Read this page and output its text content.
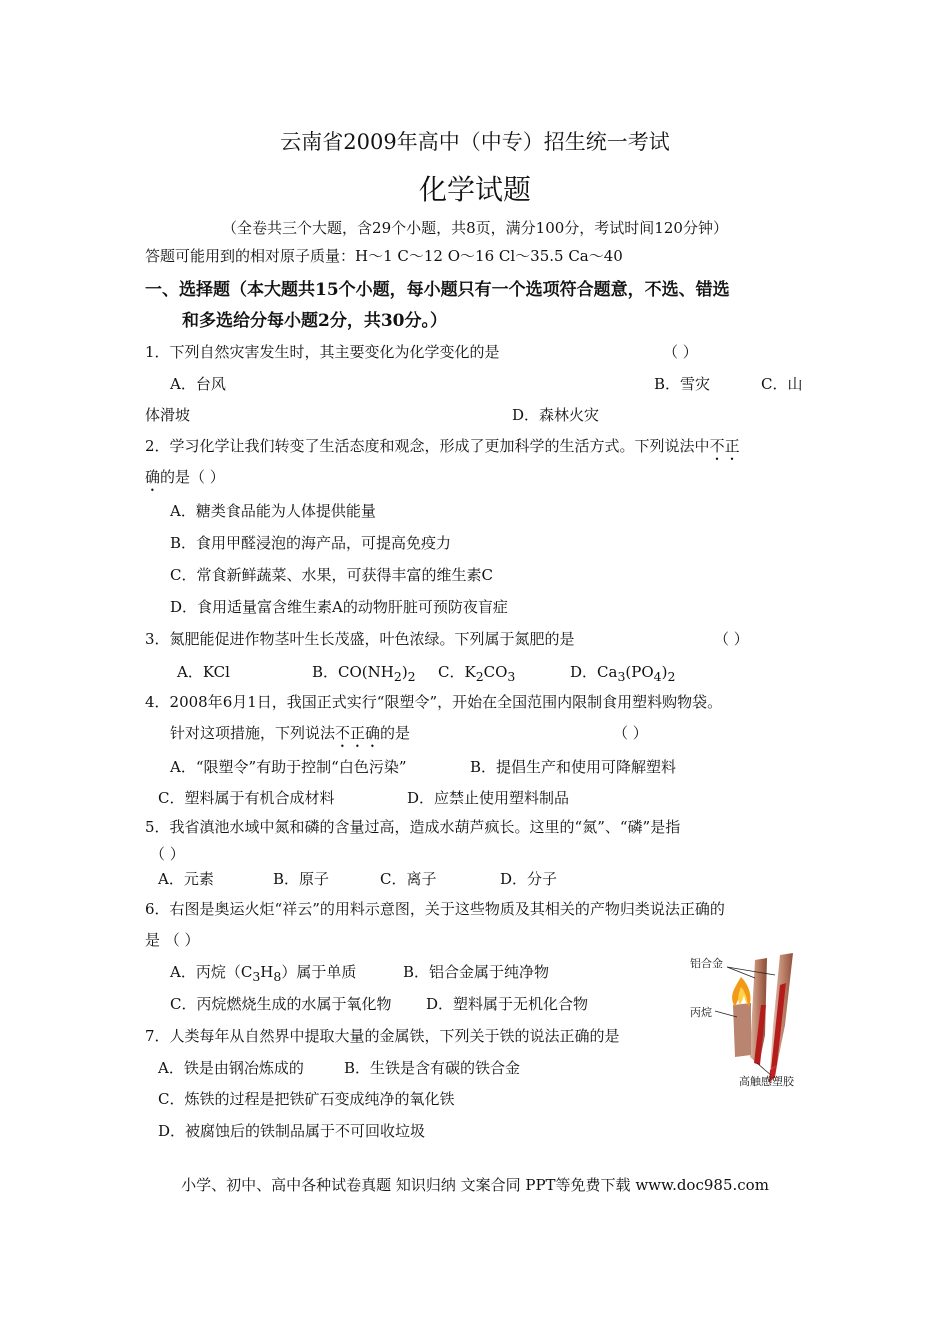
云南省2009年高中（中专）招生统一考试
化学试题
（全卷共三个大题，含29个小题，共8页，满分100分，考试时间120分钟）
答题可能用到的相对原子质量：H～1 C～12 O～16 Cl～35.5 Ca～40
一、选择题（本大题共15个小题，每小题只有一个选项符合题意，不选、错选
和多选给分每小题2分，共30分。）
1．下列自然灾害发生时，其主要变化为化学变化的是	（ ）
A．台风	B．雪灾	C．山
体滑坡	D．森林火灾
2．学习化学让我们转变了生活态度和观念，形成了更加科学的生活方式。下列说法中不正
确的是（ ）
A．糖类食品能为人体提供能量
B．食用甲醛浸泡的海产品，可提高免疫力
C．常食新鲜蔬菜、水果，可获得丰富的维生素C
D．食用适量富含维生素A的动物肝脏可预防夜盲症
3．氮肥能促进作物茎叶生长茂盛，叶色浓绿。下列属于氮肥的是	（ ）
A．KCl	B．$CO(NH_2)_2$ C．$K_2CO_3$	D．$Ca_3(PO_4)_2$
4．2008年6月1日，我国正式实行“限塑令”，开始在全国范围内限制食用塑料购物袋。
针对这项措施，下列说法不正确的是	（ ）
A．“限塑令”有助于控制“白色污染”	B．提倡生产和使用可降解塑料
C．塑料属于有机合成材料	D．应禁止使用塑料制品
5．我省滇池水域中氮和磷的含量过高，造成水葫芦疯长。这里的“氮”、“磷”是指
（ ）
A．元素	B．原子	C．离子	D．分子
6．右图是奥运火炬“祥云”的用料示意图，关于这些物质及其相关的产物归类说法正确的
是 （ ）
A．丙烷$(C_3H_8)$属于单质	B．铝合金属于纯净物
C．丙烷燃烧生成的水属于氧化物 D．塑料属于无机化合物
铝合金
丙烷
高触感塑胶
7．人类每年从自然界中提取大量的金属铁，下列关于铁的说法正确的是
A．铁是由钢冶炼成的	B．生铁是含有碳的铁合金
C．炼铁的过程是把铁矿石变成纯净的氧化铁
D．被腐蚀后的铁制品属于不可回收垃圾
小学、初中、高中各种试卷真题 知识归纳 文案合同 PPT等免费下载 www.doc985.com
